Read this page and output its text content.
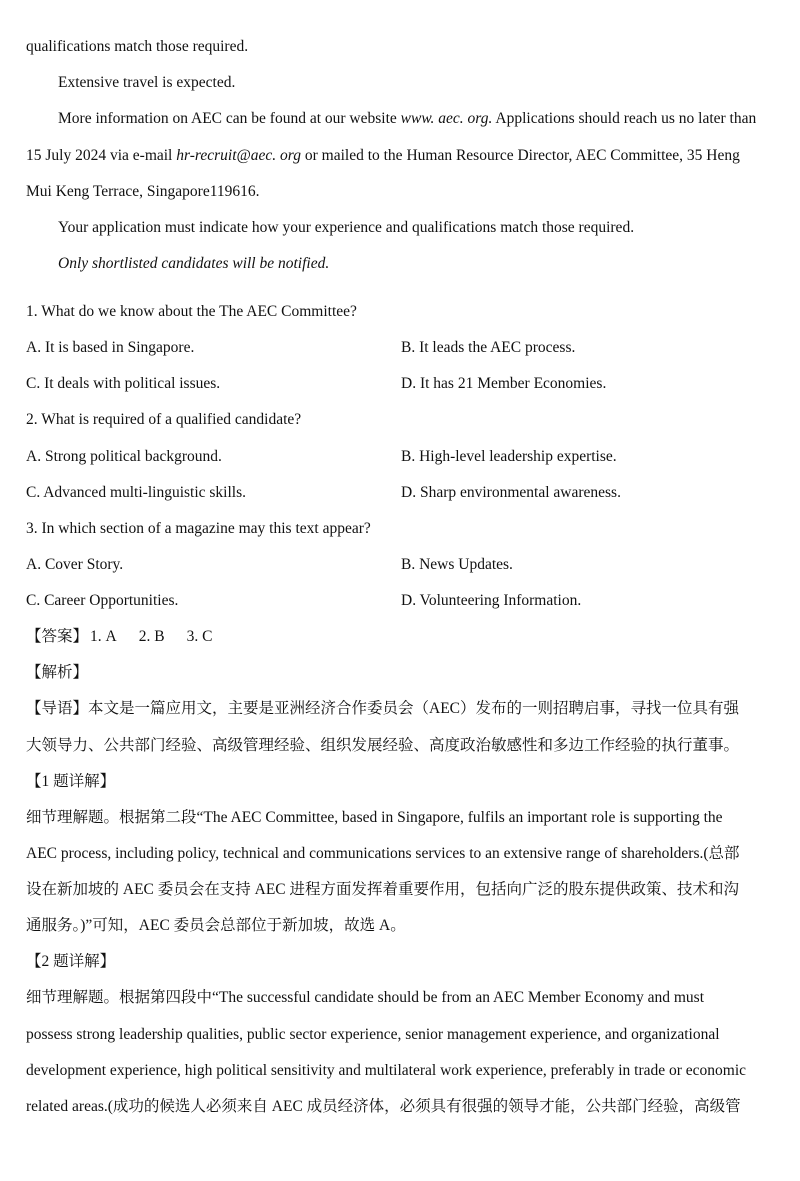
qualifications match those required.
Extensive travel is expected.
More information on AEC can be found at our website www. aec. org. Applications should reach us no later than
15 July 2024 via e-mail hr-recruit@aec. org or mailed to the Human Resource Director, AEC Committee, 35 Heng
Mui Keng Terrace, Singapore119616.
Your application must indicate how your experience and qualifications match those required.
Only shortlisted candidates will be notified.
1. What do we know about the The AEC Committee?
A. It is based in Singapore.	B. It leads the AEC process.
C. It deals with political issues.	D. It has 21 Member Economies.
2. What is required of a qualified candidate?
A. Strong political background.	B. High-level leadership expertise.
C. Advanced multi-linguistic skills.	D. Sharp environmental awareness.
3. In which section of a magazine may this text appear?
A. Cover Story.	B. News Updates.
C. Career Opportunities.	D. Volunteering Information.
【答案】 1. A 2. B 3. C
【解析】
【导语】本文是一篇应用文，主要是亚洲经济合作委员会（AEC）发布的一则招聘启事，寻找一位具有强
大领导力、公共部门经验、高级管理经验、组织发展经验、高度政治敏感性和多边工作经验的执行董事。
【1 题详解】
细节理解题。根据第二段“The AEC Committee, based in Singapore, fulfils an important role is supporting the
AEC process, including policy, technical and communications services to an extensive range of shareholders.(总部
设在新加坡的 AEC 委员会在支持 AEC 进程方面发挥着重要作用，包括向广泛的股东提供政策、技术和沟
通服务。)”可知，AEC 委员会总部位于新加坡，故选 A。
【2 题详解】
细节理解题。根据第四段中“The successful candidate should be from an AEC Member Economy and must
possess strong leadership qualities, public sector experience, senior management experience, and organizational
development experience, high political sensitivity and multilateral work experience, preferably in trade or economic
related areas.(成功的候选人必须来自 AEC 成员经济体，必须具有很强的领导才能，公共部门经验，高级管
